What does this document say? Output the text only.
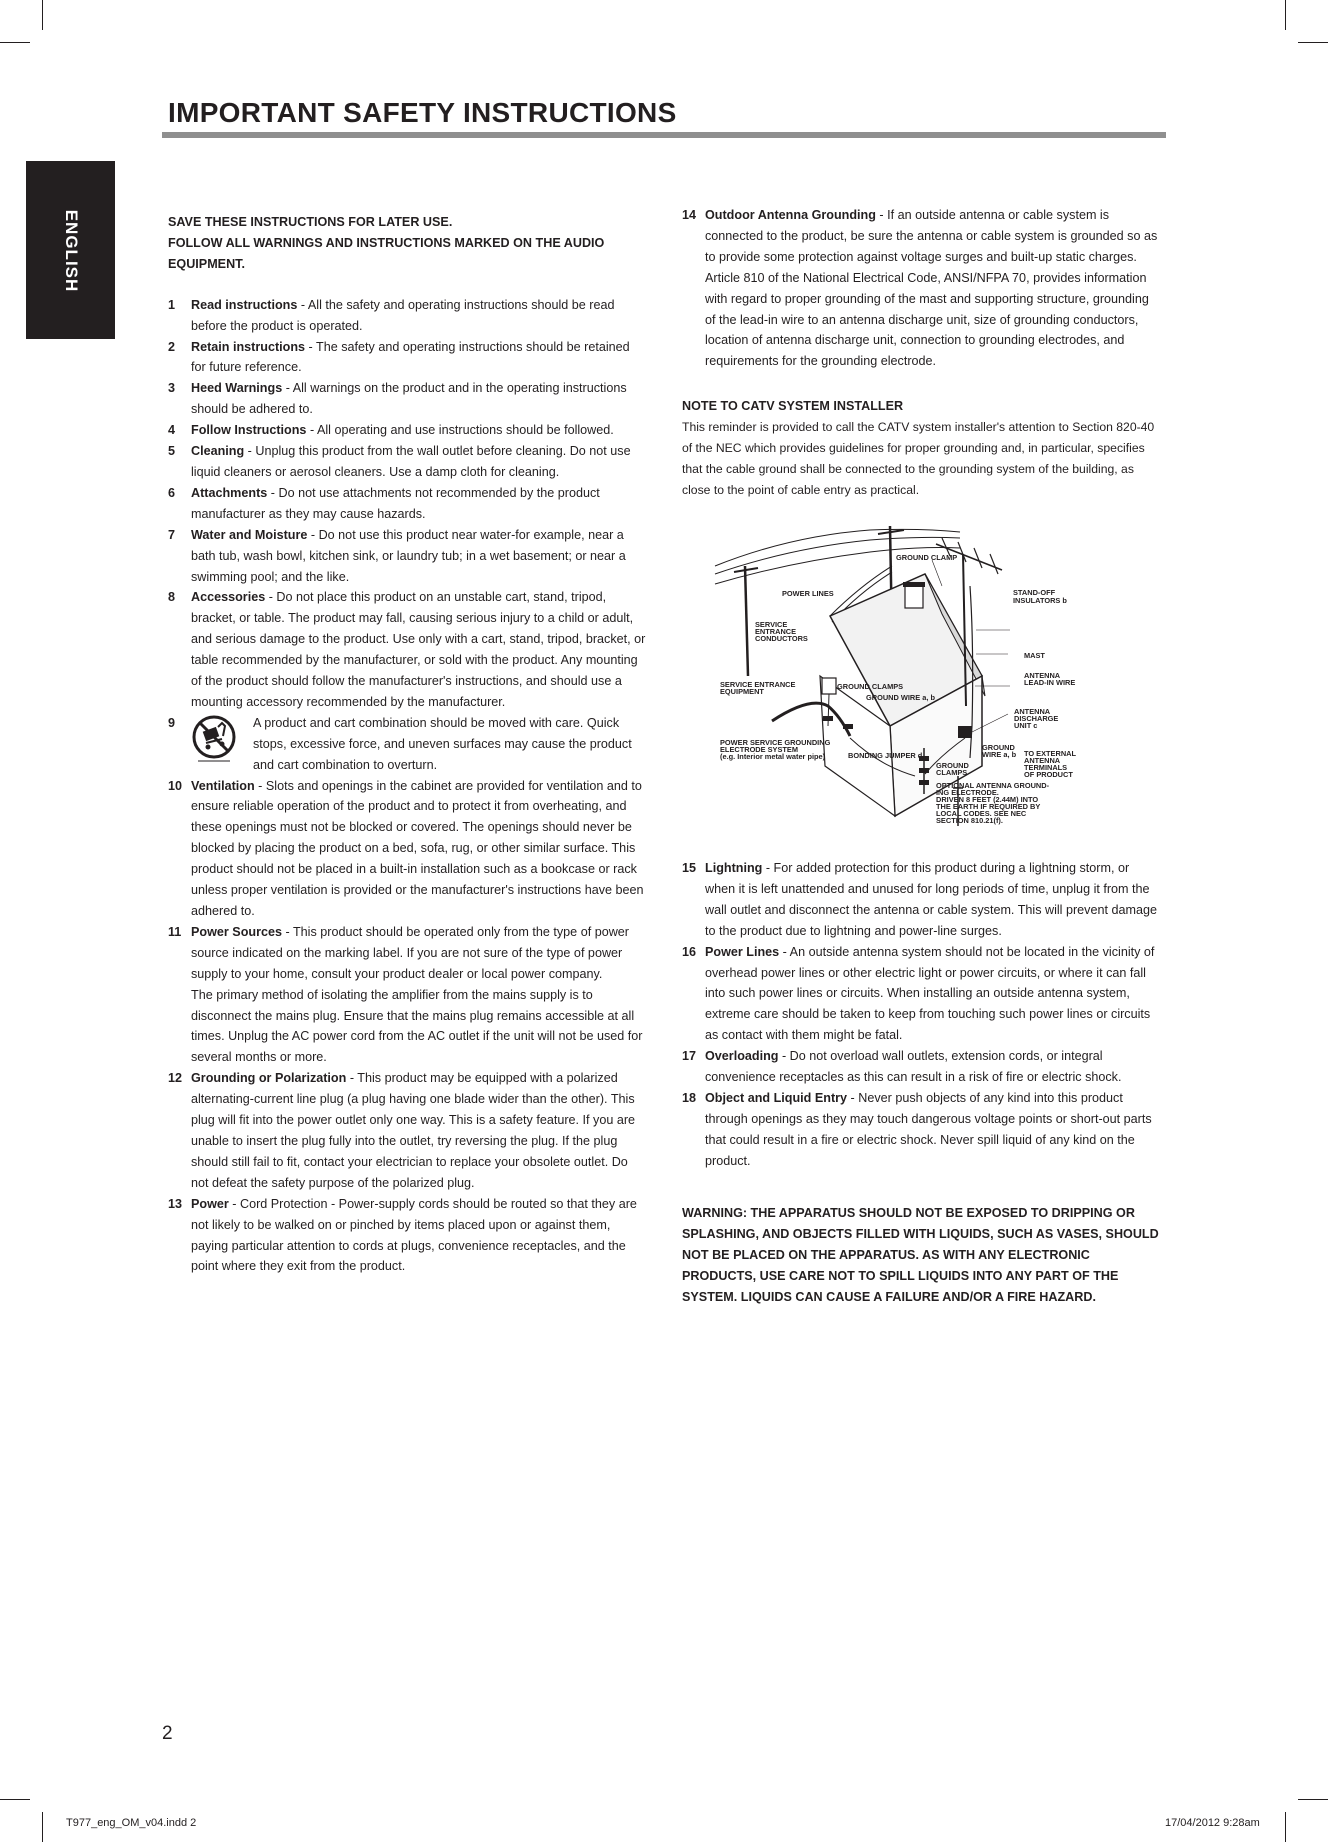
IMPORTANT SAFETY INSTRUCTIONS
ENGLISH	SAVE THESE INSTRUCTIONS FOR LATER USE.

FOLLOW ALL WARNINGS AND INSTRUCTIONS MARKED ON THE AUDIO EQUIPMENT.

1 Read instructions - All the safety and operating instructions should be read before the product is operated.
2 Retain instructions - The safety and operating instructions should be retained for future reference.
3 Heed Warnings - All warnings on the product and in the operating instructions should be adhered to.
4 Follow Instructions - All operating and use instructions should be followed.
5 Cleaning - Unplug this product from the wall outlet before cleaning. Do not use liquid cleaners or aerosol cleaners. Use a damp cloth for cleaning.
6 Attachments - Do not use attachments not recommended by the product manufacturer as they may cause hazards.
7 Water and Moisture - Do not use this product near water-for example, near a bath tub, wash bowl, kitchen sink, or laundry tub; in a wet basement; or near a swimming pool; and the like.
8 Accessories - Do not place this product on an unstable cart, stand, tripod, bracket, or table. The product may fall, causing serious injury to a child or adult, and serious damage to the product. Use only with a cart, stand, tripod, bracket, or table recommended by the manufacturer, or sold with the product. Any mounting of the product should follow the manufacturer's instructions, and should use a mounting accessory recommended by the manufacturer.
9	A product and cart combination should be moved with care. Quick stops, excessive force, and uneven surfaces may cause the product and cart combination to overturn.
10 Ventilation - Slots and openings in the cabinet are provided for ventilation and to ensure reliable operation of the product and to protect it from overheating, and these openings must not be blocked or covered. The openings should never be blocked by placing the product on a bed, sofa, rug, or other similar surface. This product should not be placed in a built-in installation such as a bookcase or rack unless proper ventilation is provided or the manufacturer's instructions have been adhered to.
11 Power Sources - This product should be operated only from the type of power source indicated on the marking label. If you are not sure of the type of power supply to your home, consult your product dealer or local power company.
The primary method of isolating the amplifier from the mains supply is to disconnect the mains plug. Ensure that the mains plug remains accessible at all times. Unplug the AC power cord from the AC outlet if the unit will not be used for several months or more.
12 Grounding or Polarization - This product may be equipped with a polarized alternating-current line plug (a plug having one blade wider than the other). This plug will fit into the power outlet only one way. This is a safety feature. If you are unable to insert the plug fully into the outlet, try reversing the plug. If the plug should still fail to fit, contact your electrician to replace your obsolete outlet. Do not defeat the safety purpose of the polarized plug.
13 Power - Cord Protection - Power-supply cords should be routed so that they are not likely to be walked on or pinched by items placed upon or against them, paying particular attention to cords at plugs, convenience receptacles, and the point where they exit from the product.
14 Outdoor Antenna Grounding - If an outside antenna or cable system is connected to the product, be sure the antenna or cable system is grounded so as to provide some protection against voltage surges and built-up static charges. Article 810 of the National Electrical Code, ANSI/NFPA 70, provides information with regard to proper grounding of the mast and supporting structure, grounding of the lead-in wire to an antenna discharge unit, size of grounding conductors, location of antenna discharge unit, connection to grounding electrodes, and requirements for the grounding electrode.
NOTE TO CATV SYSTEM INSTALLER

This reminder is provided to call the CATV system installer's attention to Section 820-40 of the NEC which provides guidelines for proper grounding and, in particular, specifies that the cable ground shall be connected to the grounding system of the building, as close to the point of cable entry as practical.

GROUND CLAMP
POWER LINES	STAND-OFF
INSULATORS b
SERVICE
ENTRANCE
CONDUCTORS
MAST
ANTENNA
LEAD-IN WIRE
SERVICE ENTRANCE
EQUIPMENT
GROUND CLAMPS
GROUND WIRE a, b
ANTENNA
DISCHARGE
UNIT c
POWER SERVICE GROUNDING
ELECTRODE SYSTEM
(e.g. Interior metal water pipe)	BONDING JUMPER d
GROUND
WIRE a, b
GROUND
CLAMPS
TO EXTERNAL
ANTENNA
TERMINALS
OF PRODUCT
OPTIONAL ANTENNA GROUND-
ING ELECTRODE.
DRIVEN 8 FEET (2.44M) INTO
THE EARTH IF REQUIRED BY
LOCAL CODES. SEE NEC
SECTION 810.21(f).
15 Lightning - For added protection for this product during a lightning storm, or when it is left unattended and unused for long periods of time, unplug it from the wall outlet and disconnect the antenna or cable system. This will prevent damage to the product due to lightning and power-line surges.
16 Power Lines - An outside antenna system should not be located in the vicinity of overhead power lines or other electric light or power circuits, or where it can fall into such power lines or circuits. When installing an outside antenna system, extreme care should be taken to keep from touching such power lines or circuits as contact with them might be fatal.
17 Overloading - Do not overload wall outlets, extension cords, or integral convenience receptacles as this can result in a risk of fire or electric shock.
18 Object and Liquid Entry - Never push objects of any kind into this product through openings as they may touch dangerous voltage points or short-out parts that could result in a fire or electric shock. Never spill liquid of any kind on the product.

WARNING: THE APPARATUS SHOULD NOT BE EXPOSED TO DRIPPING OR SPLASHING, AND OBJECTS FILLED WITH LIQUIDS, SUCH AS VASES, SHOULD NOT BE PLACED ON THE APPARATUS. AS WITH ANY ELECTRONIC PRODUCTS, USE CARE NOT TO SPILL LIQUIDS INTO ANY PART OF THE SYSTEM. LIQUIDS CAN CAUSE A FAILURE AND/OR A FIRE HAZARD.

2
T977_eng_OM_v04.indd 2	17/04/2012 9:28am
